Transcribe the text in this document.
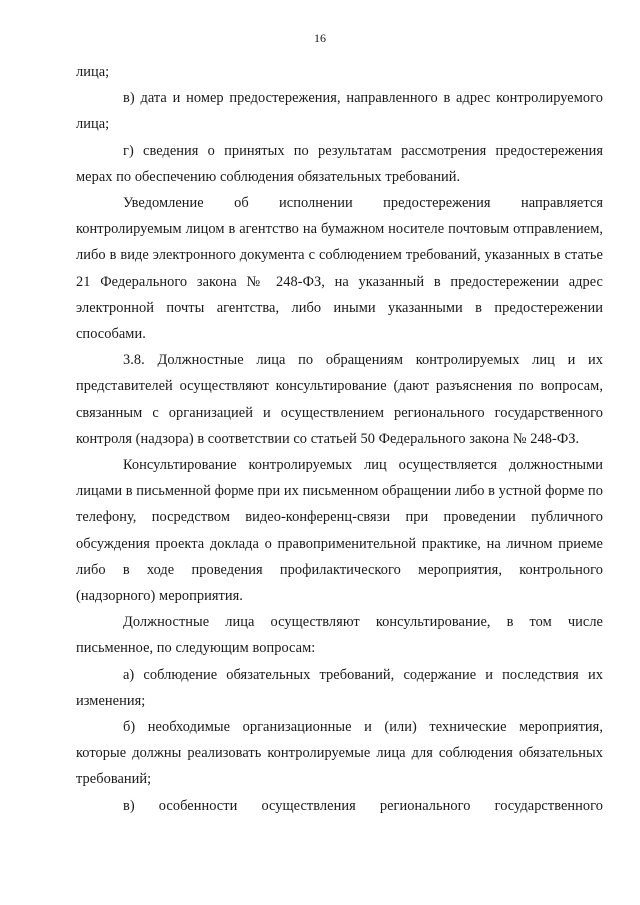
16

лица;

в) дата и номер предостережения, направленного в адрес контролируемого лица;

г) сведения о принятых по результатам рассмотрения предостережения мерах по обеспечению соблюдения обязательных требований.

Уведомление об исполнении предостережения направляется контролируемым лицом в агентство на бумажном носителе почтовым отправлением, либо в виде электронного документа с соблюдением требований, указанных в статье 21 Федерального закона № 248-ФЗ, на указанный в предостережении адрес электронной почты агентства, либо иными указанными в предостережении способами.

3.8. Должностные лица по обращениям контролируемых лиц и их представителей осуществляют консультирование (дают разъяснения по вопросам, связанным с организацией и осуществлением регионального государственного контроля (надзора) в соответствии со статьей 50 Федерального закона № 248-ФЗ.

Консультирование контролируемых лиц осуществляется должностными лицами в письменной форме при их письменном обращении либо в устной форме по телефону, посредством видео-конференц-связи при проведении публичного обсуждения проекта доклада о правоприменительной практике, на личном приеме либо в ходе проведения профилактического мероприятия, контрольного (надзорного) мероприятия.

Должностные лица осуществляют консультирование, в том числе письменное, по следующим вопросам:

а) соблюдение обязательных требований, содержание и последствия их изменения;

б) необходимые организационные и (или) технические мероприятия, которые должны реализовать контролируемые лица для соблюдения обязательных требований;

в) особенности осуществления регионального государственного
